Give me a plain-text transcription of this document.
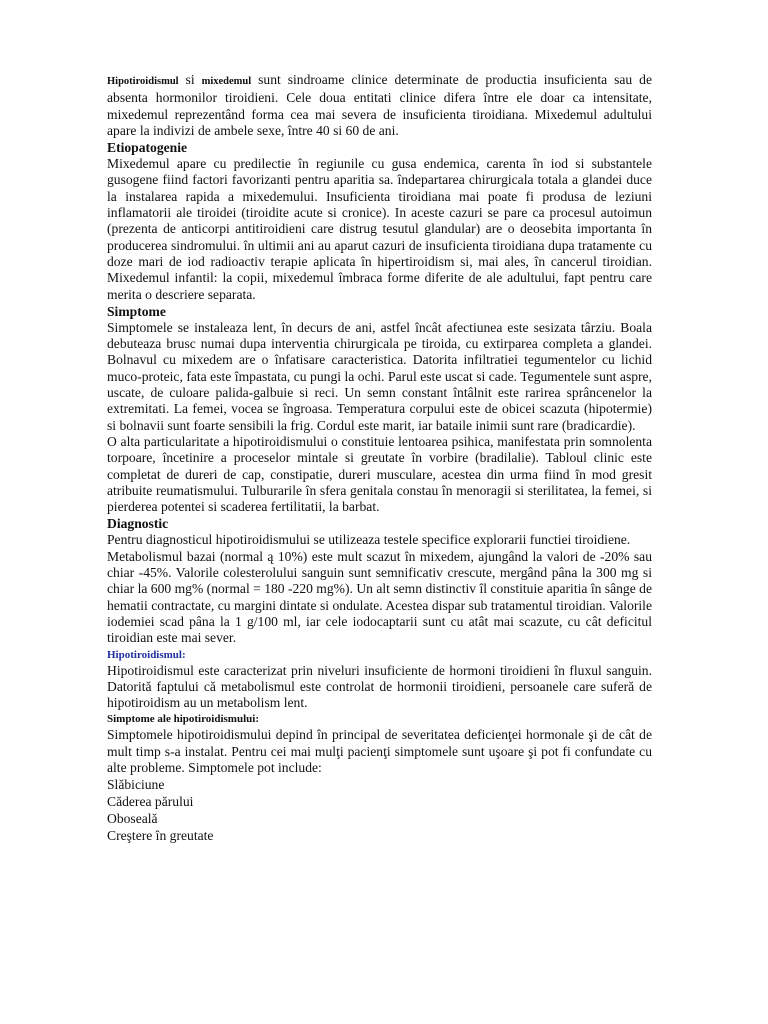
Hipotiroidismul si mixedemul sunt sindroame clinice determinate de productia insuficienta sau de absenta hormonilor tiroidieni. Cele doua entitati clinice difera între ele doar ca intensitate, mixedemul reprezentând forma cea mai severa de insuficienta tiroidiana. Mixedemul adultului apare la indivizi de ambele sexe, între 40 si 60 de ani.

Etiopatogenie

Mixedemul apare cu predilectie în regiunile cu gusa endemica, carenta în iod si substantele gusogene fiind factori favorizanti pentru aparitia sa. îndepartarea chirurgicala totala a glandei duce la instalarea rapida a mixedemului. Insuficienta tiroidiana mai poate fi produsa de leziuni inflamatorii ale tiroidei (tiroidite acute si cronice). In aceste cazuri se pare ca procesul autoimun (prezenta de anticorpi antitiroidieni care distrug tesutul glandular) are o deosebita importanta în producerea sindromului. în ultimii ani au aparut cazuri de insuficienta tiroidiana dupa tratamente cu doze mari de iod radioactiv terapie aplicata în hipertiroidism si, mai ales, în cancerul tiroidian. Mixedemul infantil: la copii, mixedemul îmbraca forme diferite de ale adultului, fapt pentru care merita o descriere separata.

Simptome

Simptomele se instaleaza lent, în decurs de ani, astfel încât afectiunea este sesizata târziu. Boala debuteaza brusc numai dupa interventia chirurgicala pe tiroida, cu extirparea completa a glandei. Bolnavul cu mixedem are o înfatisare caracteristica. Datorita infiltratiei tegumentelor cu lichid muco-proteic, fata este împastata, cu pungi la ochi. Parul este uscat si cade. Tegumentele sunt aspre, uscate, de culoare palida-galbuie si reci. Un semn constant întâlnit este rarirea sprâncenelor la extremitati. La femei, vocea se îngroasa. Temperatura corpului este de obicei scazuta (hipotermie) si bolnavii sunt foarte sensibili la frig. Cordul este marit, iar bataile inimii sunt rare (bradicardie).

O alta particularitate a hipotiroidismului o constituie lentoarea psihica, manifestata prin somnolenta torpoare, încetinire a proceselor mintale si greutate în vorbire (bradilalie). Tabloul clinic este completat de dureri de cap, constipatie, dureri musculare, acestea din urma fiind în mod gresit atribuite reumatismului. Tulburarile în sfera genitala constau în menoragii si sterilitatea, la femei, si pierderea potentei si scaderea fertilitatii, la barbat.

Diagnostic

Pentru diagnosticul hipotiroidismului se utilizeaza testele specifice explorarii functiei tiroidiene.

Metabolismul bazai (normal ą 10%) este mult scazut în mixedem, ajungând la valori de -20% sau chiar -45%. Valorile colesterolului sanguin sunt semnificativ crescute, mergând pâna la 300 mg si chiar la 600 mg% (normal = 180 -220 mg%). Un alt semn distinctiv îl constituie aparitia în sânge de hematii contractate, cu margini dintate si ondulate. Acestea dispar sub tratamentul tiroidian. Valorile iodemiei scad pâna la 1 g/100 ml, iar cele iodocaptarii sunt cu atât mai scazute, cu cât deficitul tiroidian este mai sever.

Hipotiroidismul:

Hipotiroidismul este caracterizat prin niveluri insuficiente de hormoni tiroidieni în fluxul sanguin. Datorită faptului că metabolismul este controlat de hormonii tiroidieni, persoanele care suferă de hipotiroidism au un metabolism lent.

Simptome ale hipotiroidismului:

Simptomele hipotiroidismului depind în principal de severitatea deficienţei hormonale şi de cât de mult timp s-a instalat. Pentru cei mai mulţi pacienţi simptomele sunt uşoare şi pot fi confundate cu alte probleme. Simptomele pot include:

Slăbiciune

Căderea părului

Oboseală

Creştere în greutate
